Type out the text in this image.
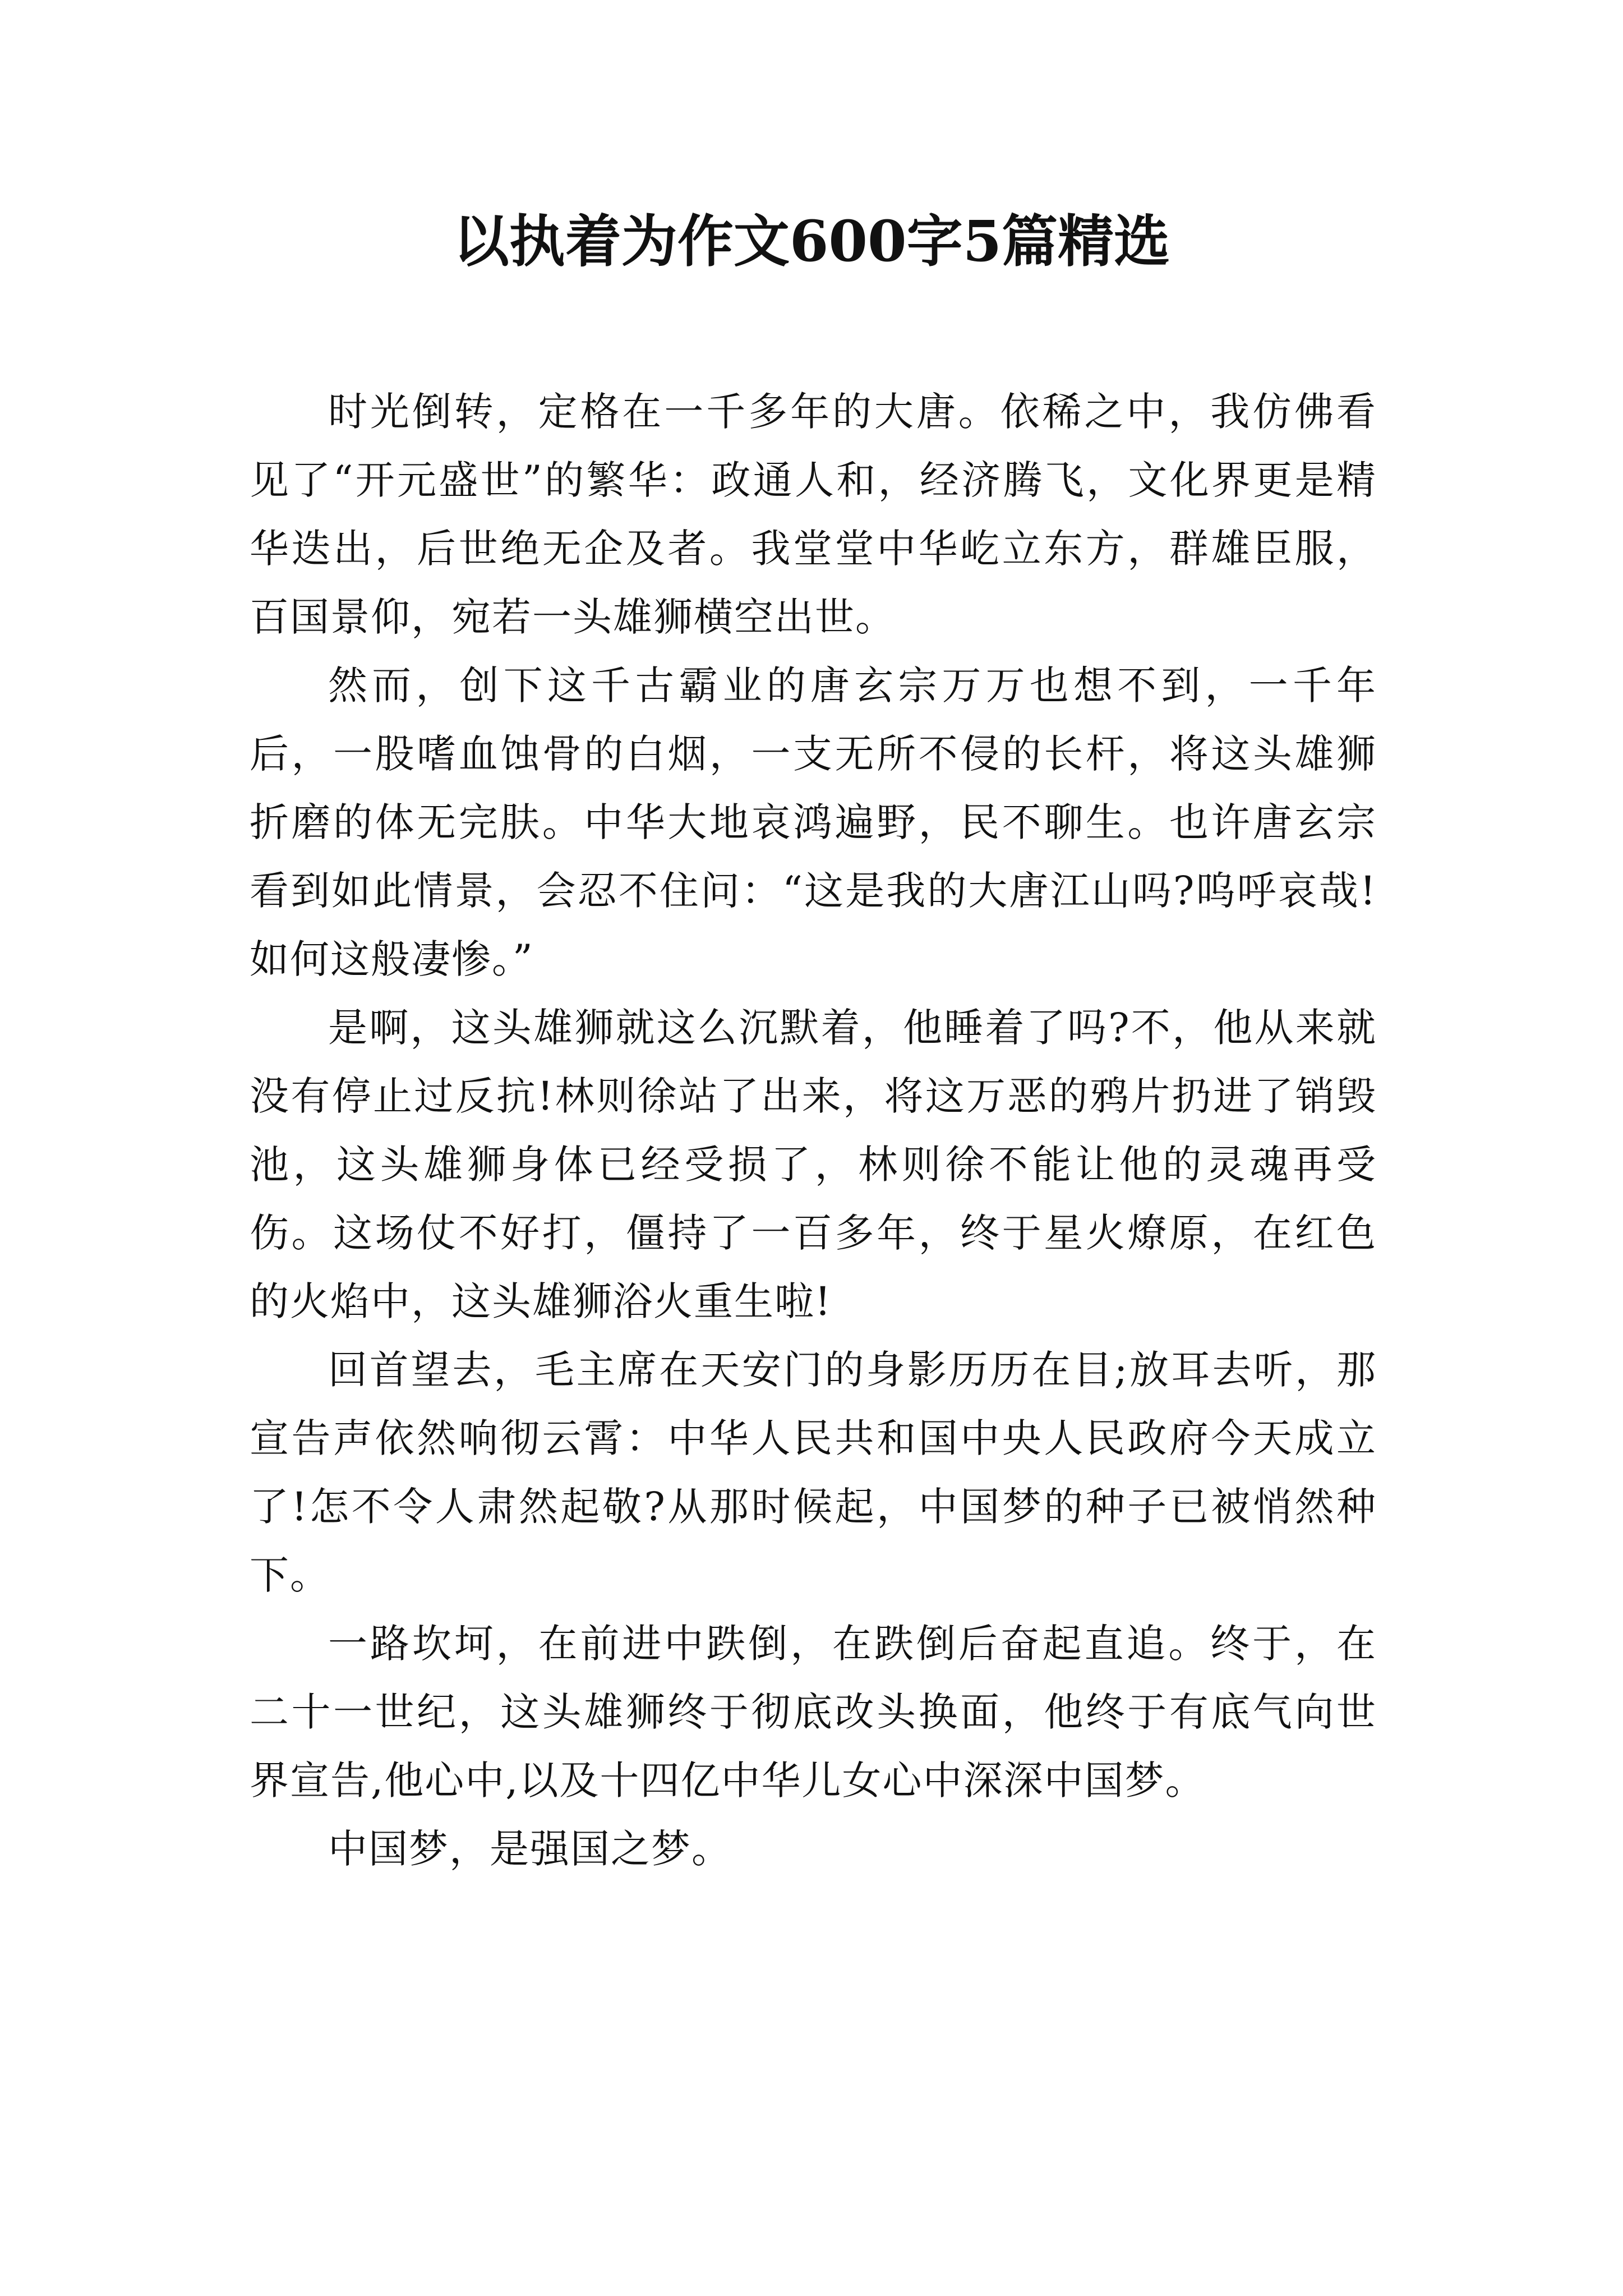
以执着为作文600字5篇精选

时光倒转，定格在一千多年的大唐。依稀之中，我仿佛看见了“开元盛世”的繁华：政通人和，经济腾飞，文化界更是精华迭出，后世绝无企及者。我堂堂中华屹立东方，群雄臣服，百国景仰，宛若一头雄狮横空出世。

然而，创下这千古霸业的唐玄宗万万也想不到，一千年后，一股嗜血蚀骨的白烟，一支无所不侵的长杆，将这头雄狮折磨的体无完肤。中华大地哀鸿遍野，民不聊生。也许唐玄宗看到如此情景，会忍不住问：“这是我的大唐江山吗?呜呼哀哉!如何这般凄惨。”

是啊，这头雄狮就这么沉默着，他睡着了吗?不，他从来就没有停止过反抗!林则徐站了出来，将这万恶的鸦片扔进了销毁池，这头雄狮身体已经受损了，林则徐不能让他的灵魂再受伤。这场仗不好打，僵持了一百多年，终于星火燎原，在红色的火焰中，这头雄狮浴火重生啦!

回首望去，毛主席在天安门的身影历历在目;放耳去听，那宣告声依然响彻云霄：中华人民共和国中央人民政府今天成立了!怎不令人肃然起敬?从那时候起，中国梦的种子已被悄然种下。

一路坎坷，在前进中跌倒，在跌倒后奋起直追。终于，在二十一世纪，这头雄狮终于彻底改头换面，他终于有底气向世界宣告,他心中,以及十四亿中华儿女心中深深中国梦。

中国梦，是强国之梦。
